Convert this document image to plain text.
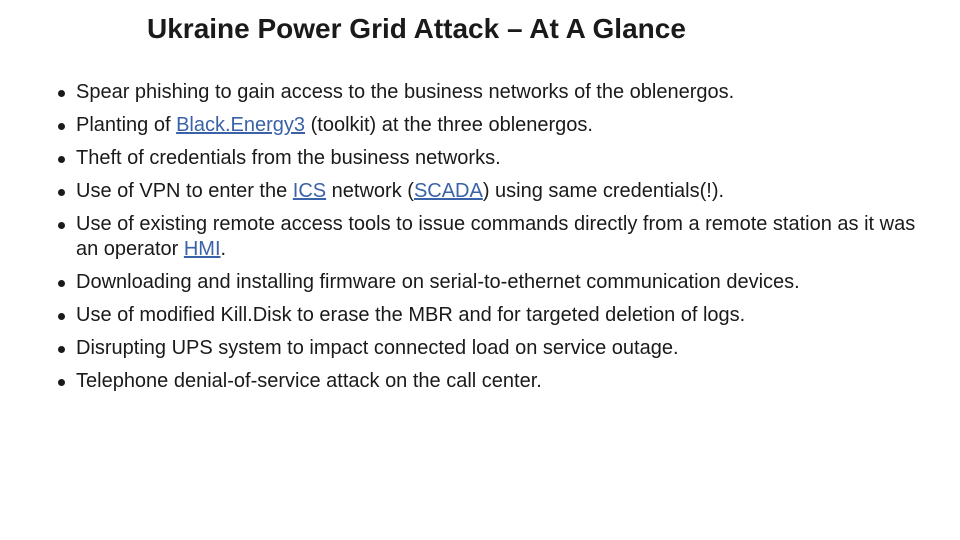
Ukraine Power Grid Attack – At A Glance
Spear phishing to gain access to the business networks of the oblenergos.
Planting of Black.Energy3 (toolkit) at the three oblenergos.
Theft of credentials from the business networks.
Use of VPN to enter the ICS network (SCADA) using same credentials(!).
Use of existing remote access tools to issue commands directly from a remote station as it was an operator HMI.
Downloading and installing firmware on serial-to-ethernet communication devices.
Use of modified Kill.Disk to erase the MBR and for targeted deletion of logs.
Disrupting UPS system to impact connected load on service outage.
Telephone denial-of-service attack on the call center.
